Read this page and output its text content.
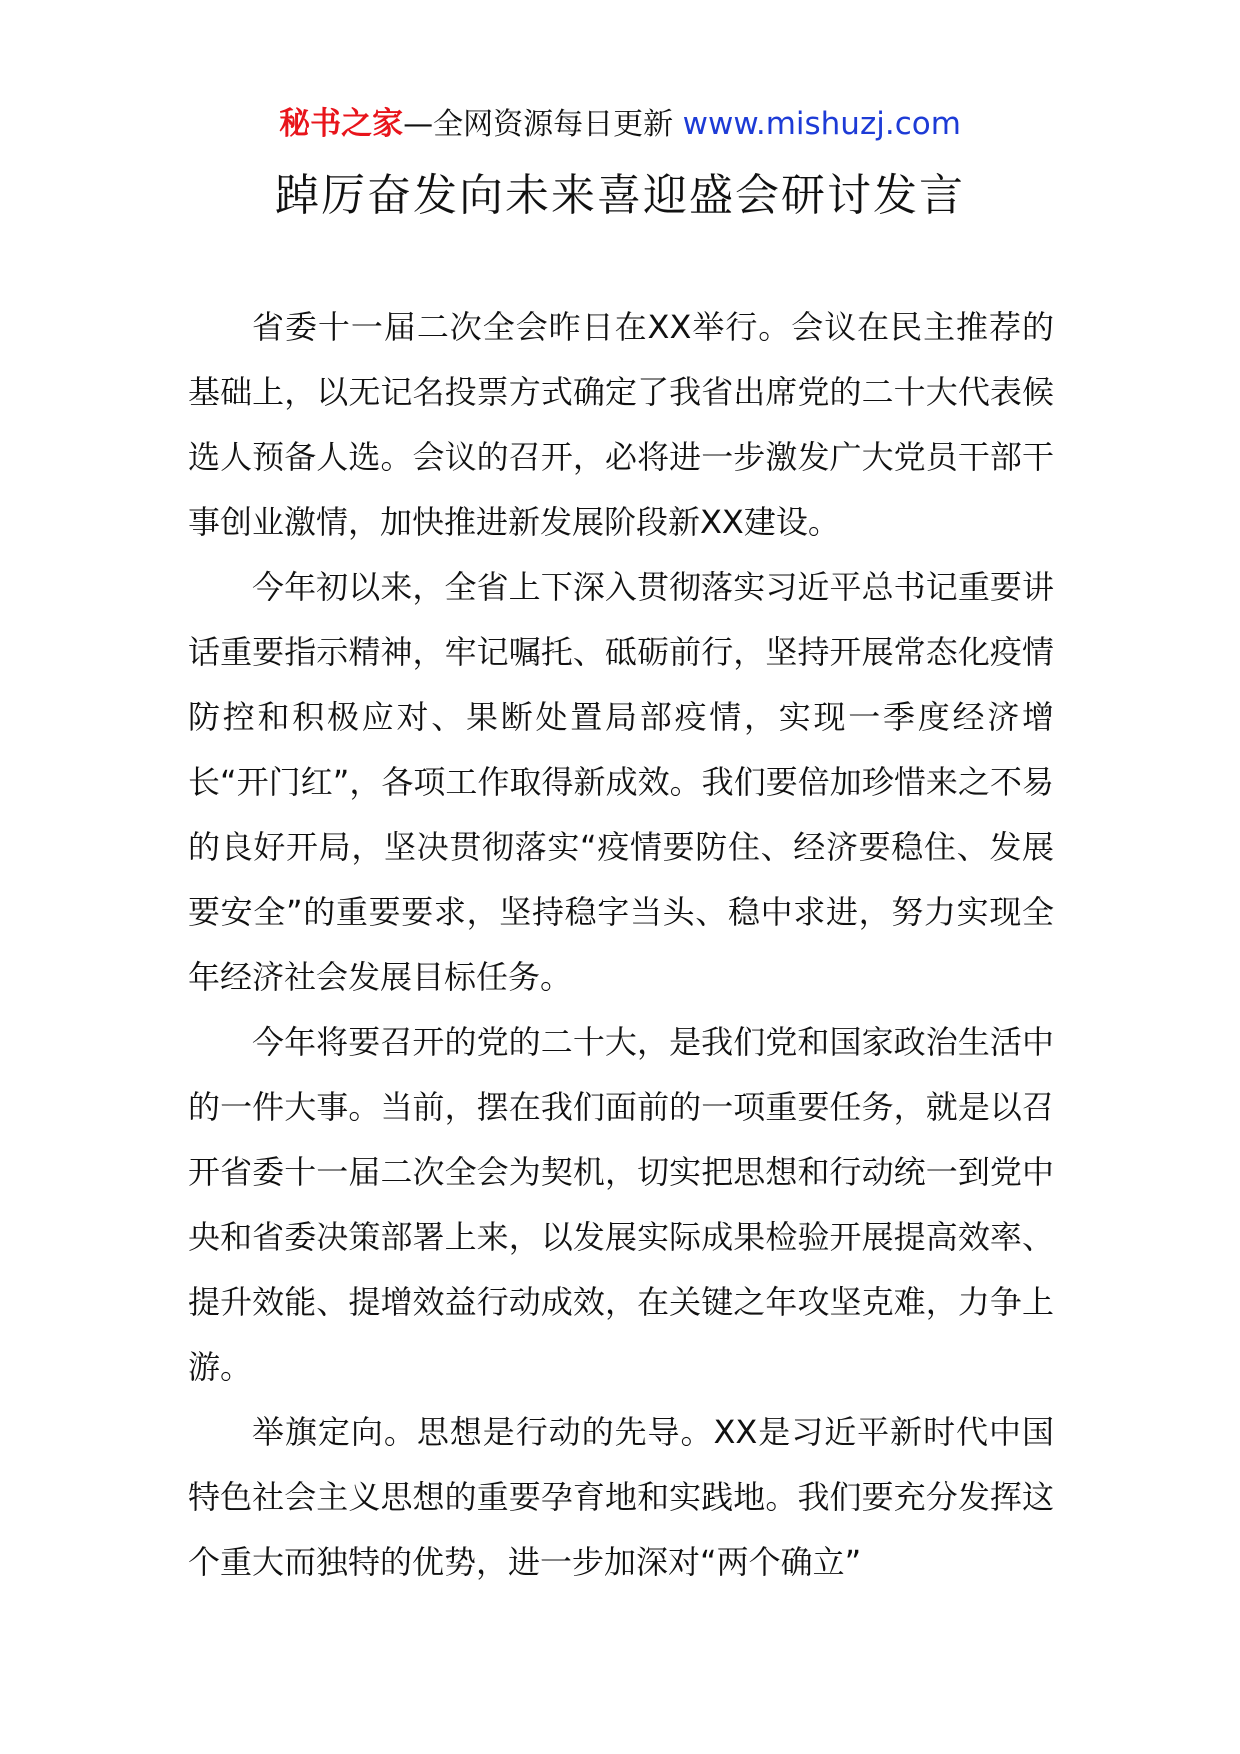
秘书之家—全网资源每日更新 www.mishuzj.com
踔厉奋发向未来喜迎盛会研讨发言

省委十一届二次全会昨日在XX举行。会议在民主推荐的基础上，以无记名投票方式确定了我省出席党的二十大代表候选人预备人选。会议的召开，必将进一步激发广大党员干部干事创业激情，加快推进新发展阶段新XX建设。

今年初以来，全省上下深入贯彻落实习近平总书记重要讲话重要指示精神，牢记嘱托、砥砺前行，坚持开展常态化疫情防控和积极应对、果断处置局部疫情，实现一季度经济增长“开门红”，各项工作取得新成效。我们要倍加珍惜来之不易的良好开局，坚决贯彻落实“疫情要防住、经济要稳住、发展要安全”的重要要求，坚持稳字当头、稳中求进，努力实现全年经济社会发展目标任务。

今年将要召开的党的二十大，是我们党和国家政治生活中的一件大事。当前，摆在我们面前的一项重要任务，就是以召开省委十一届二次全会为契机，切实把思想和行动统一到党中央和省委决策部署上来，以发展实际成果检验开展提高效率、提升效能、提增效益行动成效，在关键之年攻坚克难，力争上游。

举旗定向。思想是行动的先导。XX是习近平新时代中国特色社会主义思想的重要孕育地和实践地。我们要充分发挥这个重大而独特的优势，进一步加深对“两个确立”
